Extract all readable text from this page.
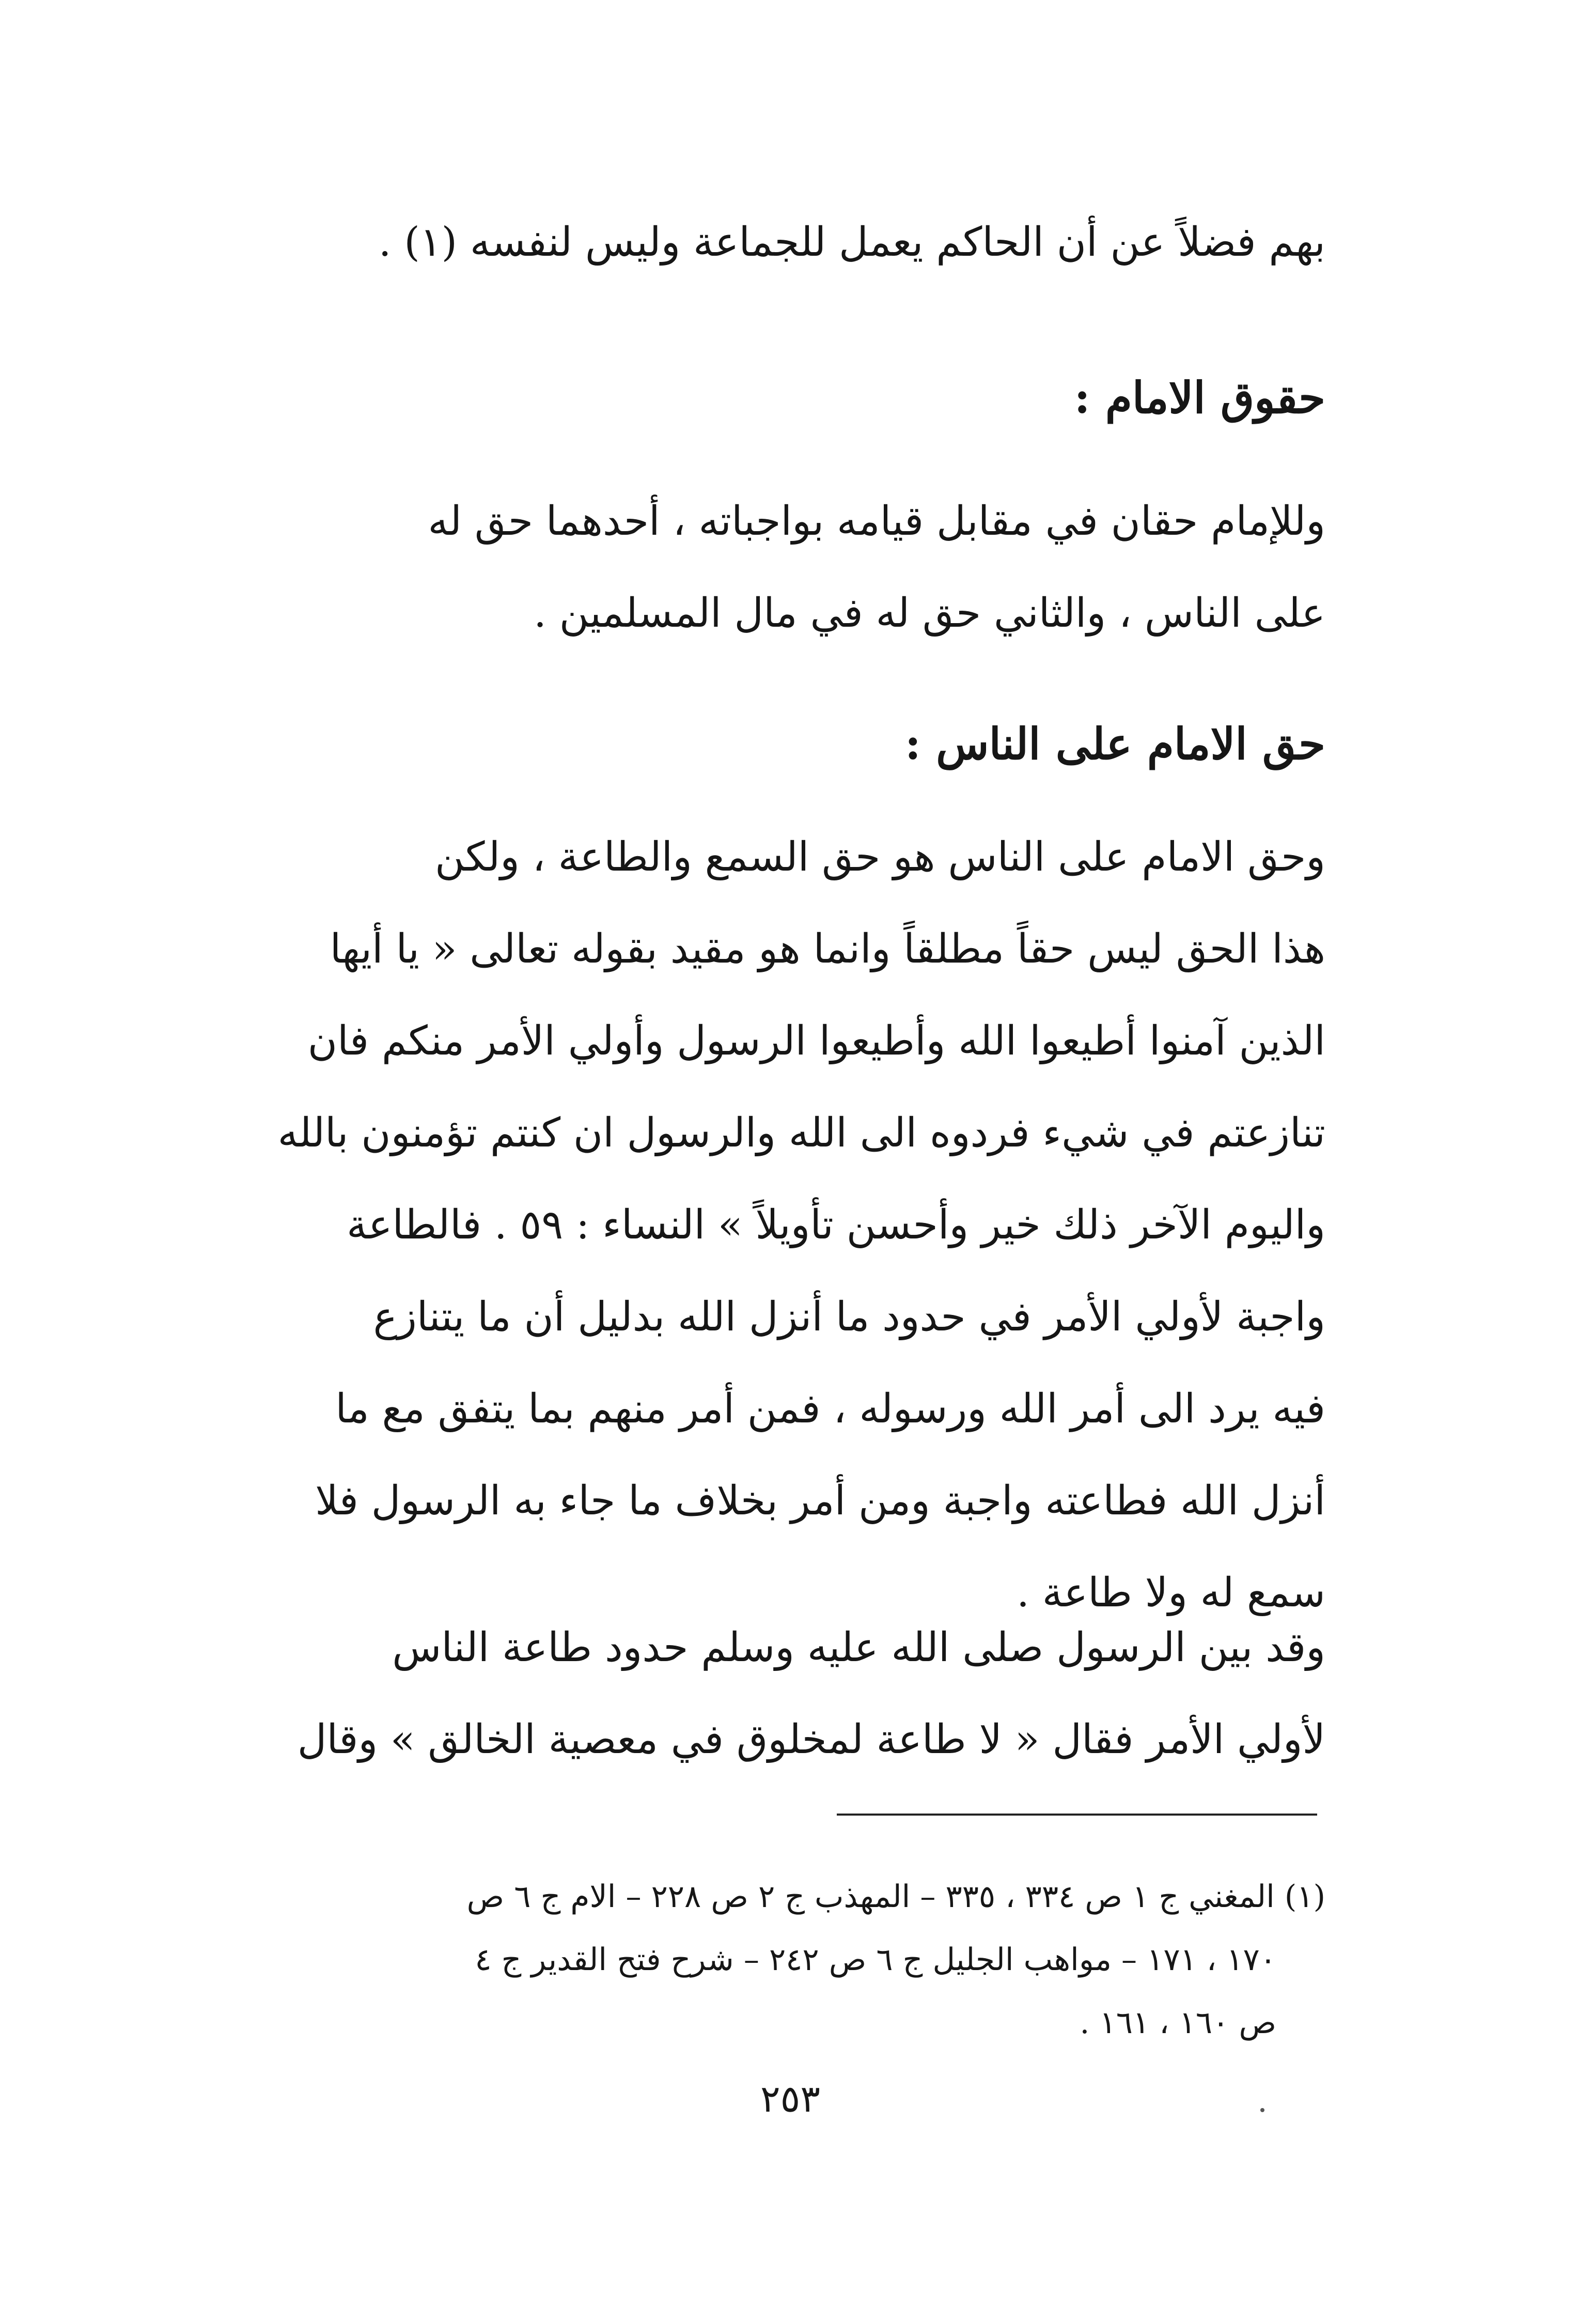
بهم فضلاً عن أن الحاكم يعمل للجماعة وليس لنفسه (١) .

حقوق الامام :

وللإمام حقان في مقابل قيامه بواجباته ، أحدهما حق له
على الناس ، والثاني حق له في مال المسلمين .

حق الامام على الناس :

وحق الامام على الناس هو حق السمع والطاعة ، ولكن
هذا الحق ليس حقاً مطلقاً وانما هو مقيد بقوله تعالى « يا أيها
الذين آمنوا أطيعوا الله وأطيعوا الرسول وأولي الأمر منكم فان
تنازعتم في شيء فردوه الى الله والرسول ان كنتم تؤمنون بالله
واليوم الآخر ذلك خير وأحسن تأويلاً » النساء : ٥٩ . فالطاعة
واجبة لأولي الأمر في حدود ما أنزل الله بدليل أن ما يتنازع
فيه يرد الى أمر الله ورسوله ، فمن أمر منهم بما يتفق مع ما
أنزل الله فطاعته واجبة ومن أمر بخلاف ما جاء به الرسول فلا
سمع له ولا طاعة .

وقد بين الرسول صلى الله عليه وسلم حدود طاعة الناس
لأولي الأمر فقال « لا طاعة لمخلوق في معصية الخالق » وقال

(١) المغني ج ١ ص ٣٣٤ ، ٣٣٥ – المهذب ج ٢ ص ٢٢٨ – الام ج ٦ ص
١٧٠ ، ١٧١ – مواهب الجليل ج ٦ ص ٢٤٢ – شرح فتح القدير ج ٤
ص ١٦٠ ، ١٦١ .
٢٥٣
